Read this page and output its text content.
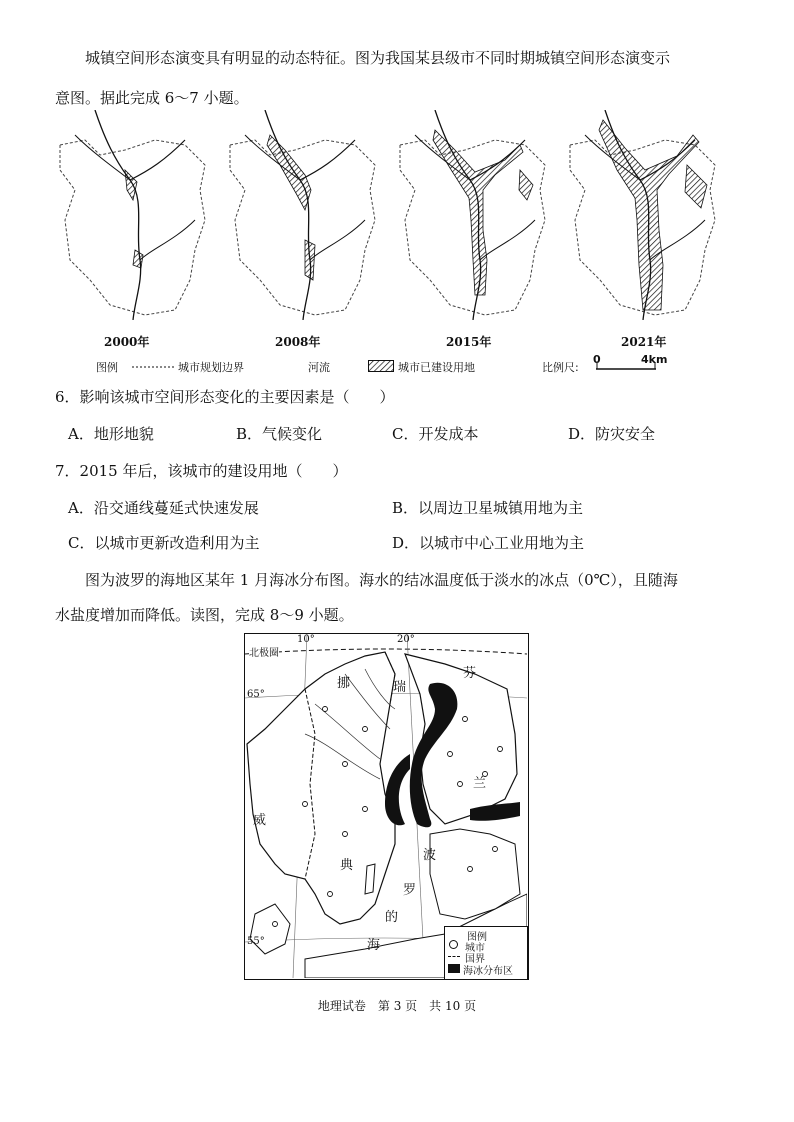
城镇空间形态演变具有明显的动态特征。图为我国某县级市不同时期城镇空间形态演变示
意图。据此完成 6～7 小题。
2000年	2008年	2015年	2021年
图例	城市规划边界	河流	城市已建设用地	比例尺:
0	4km
6．影响该城市空间形态变化的主要因素是（　　）
A．地形地貌	B．气候变化	C．开发成本	D．防灾安全
7．2015 年后，该城市的建设用地（　　）
A．沿交通线蔓延式快速发展	B．以周边卫星城镇用地为主
C．以城市更新改造利用为主	D．以城市中心工业用地为主
图为波罗的海地区某年 1 月海冰分布图。海水的结冰温度低于淡水的冰点（0℃），且随海
水盐度增加而降低。读图，完成 8～9 小题。
北极圈
10°	20°
65°
55°
芬
兰
挪	瑞
典
威
波
罗
的
海
图例
城市
国界
海冰分布区
地理试卷　第 3 页　共 10 页
